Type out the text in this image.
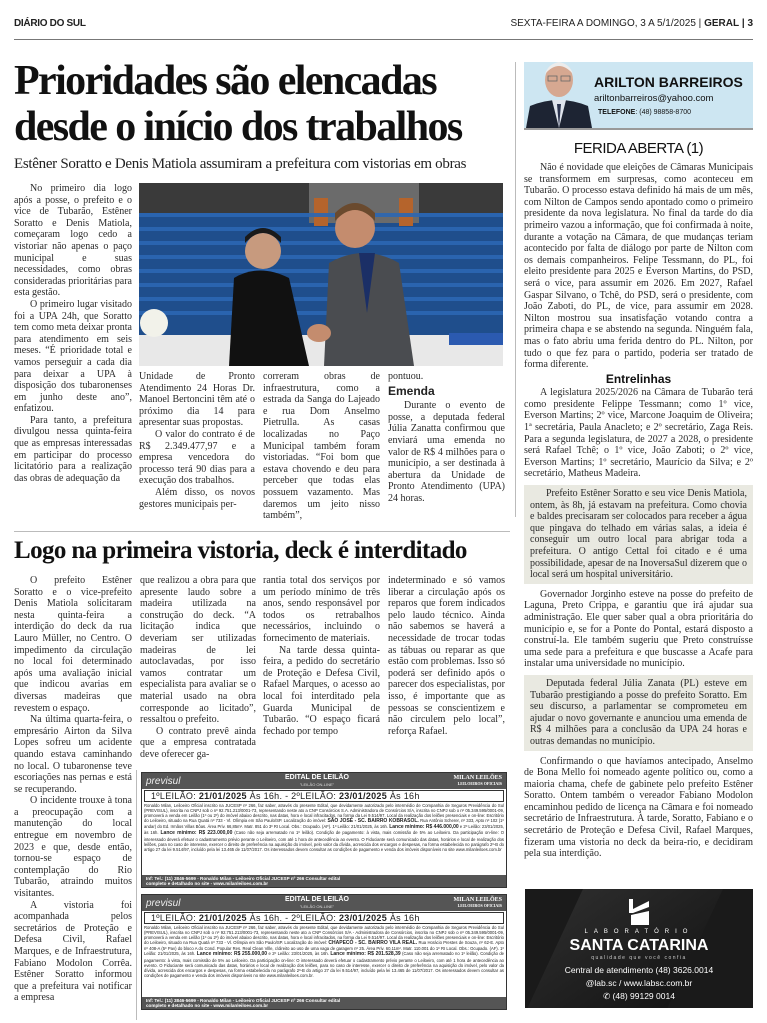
DIÁRIO DO SUL	SEXTA-FEIRA A DOMINGO, 3 A 5/1/2025 | GERAL | 3
Prioridades são elencadas
desde o início dos trabalhos
Estêner Soratto e Denis Matiola assumiram a prefeitura com vistorias em obras

No primeiro dia logo após a posse, o prefeito e o vice de Tubarão, Estêner Soratto e Denis Matiola, começaram logo cedo a vistoriar não apenas o paço municipal e suas necessidades, como obras consideradas prioritárias para esta gestão.

O primeiro lugar visitado foi a UPA 24h, que Soratto tem como meta deixar pronta para atendimento em seis meses. “É prioridade total e vamos perseguir a cada dia para deixar a UPA à disposição dos tubaronenses em junho deste ano”, enfatizou.

Para tanto, a prefeitura divulgou nessa quinta-feira que as empresas interessadas em participar do processo licitatório para a realização das obras de adequação da

Unidade de Pronto Atendimento 24 Horas Dr. Manoel Bertoncini têm até o próximo dia 14 para apresentar suas propostas.

O valor do contrato é de R$ 2.349.477,97 e a empresa vencedora do processo terá 90 dias para a execução dos trabalhos.

Além disso, os novos gestores municipais per-

correram obras de infraestrutura, como a estrada da Sanga do Lajeado e rua Dom Anselmo Pietrulla. As casas localizadas no Paço Municipal também foram vistoriadas. “Foi bom que estava chovendo e deu para perceber que todas elas possuem vazamento. Mas daremos um jeito nisso também”,

pontuou.

Emenda

Durante o evento de posse, a deputada federal Júlia Zanatta confirmou que enviará uma emenda no valor de R$ 4 milhões para o município, a ser destinada à abertura da Unidade de Pronto Atendimento (UPA) 24 horas.

Logo na primeira vistoria, deck é interditado

O prefeito Estêner Soratto e o vice-prefeito Denis Matiola solicitaram nesta quinta-feira a interdição do deck da rua Lauro Müller, no Centro. O impedimento da circulação no local foi determinado após uma avaliação inicial que indicou avarias em diversas madeiras que revestem o espaço.

Na última quarta-feira, o empresário Airton da Silva Lopes sofreu um acidente quando estava caminhando no local. O tubaronense teve escoriações nas pernas e está se recuperando.

O incidente trouxe à tona a preocupação com a manutenção do local entregue em novembro de 2023 e que, desde então, tornou-se espaço de contemplação do Rio Tubarão, atraindo muitos visitantes.

A vistoria foi acompanhada pelos secretários de Proteção e Defesa Civil, Rafael Marques, e de Infraestrutura, Fabiano Modolon Corrêa. Estêner Soratto informou que a prefeitura vai notificar a empresa

que realizou a obra para que apresente laudo sobre a madeira utilizada na construção do deck. “A licitação indica que deveriam ser utilizadas madeiras de lei autoclavadas, por isso vamos contratar um especialista para avaliar se o material usado na obra corresponde ao licitado”, ressaltou o prefeito.

O contrato prevê ainda que a empresa contratada deve oferecer ga-

rantia total dos serviços por um período mínimo de três anos, sendo responsável por todos os retrabalhos necessários, incluindo o fornecimento de materiais.

Na tarde dessa quinta-feira, a pedido do secretário de Proteção e Defesa Civil, Rafael Marques, o acesso ao local foi interditado pela Guarda Municipal de Tubarão. “O espaço ficará fechado por tempo

indeterminado e só vamos liberar a circulação após os reparos que forem indicados pelo laudo técnico. Ainda não sabemos se haverá a necessidade de trocar todas as tábuas ou reparar as que estão com problemas. Isso só poderá ser definido após o parecer dos especialistas, por isso, é importante que as pessoas se conscientizem e não circulem pelo local”, reforça Rafael.

previsul	EDITAL DE LEILÃO
"LEILÃO ON-LINE"
MILAN LEILÕES
LEILOEIROS OFICIAIS
1ºLEILÃO: 21/01/2025 Às 16h. - 2ºLEILÃO: 23/01/2025 Às 16h
Ronaldo Milan, Leiloeiro Oficial inscrito na JUCESP nº 266, faz saber, através do presente Edital, que devidamente autorizado pelo intermédio de Companhia de Seguros Previdência do Sul (PREVISUL), inscrita no CNPJ sob o nº 92.751.213/0001-73, representando neste ato a CNP Consórcios S.A. Administradora de Consórcios S/A, inscrita no CNPJ sob o nº 05.349.595/0001-09, promoverá a venda em Leilão (1º ou 2º) do imóvel abaixo descrito, nas datas, hora e local infracitados, na forma da Lei 9.514/97. Local da realização dos leilões presenciais e on-line: Escritório do Leiloeiro, situado na Rua Quatá nº 733 - Vl. Olímpia em São Paulo/SP. Localização do imóvel: SÃO JOSÉ - SC. BAIRRO KOBRASOL. Rua Antônio Scherer, nº 333, Apto nº 102 (1º andar) do Ed. Irmãos Villas Bôas. Área Priv. 66,85m². Matr. 851 do 3º RI Local. Obs.: Ocupado. (AF). 1º Leilão: 21/01/2025, às 16h. Lance mínimo: R$ 446.000,00 e 2º Leilão: 23/01/2025, às 16h. Lance mínimo: R$ 223.000,00 (Caso não seja arrematado no 1º leilão). Condição de pagamento: à vista, mais comissão de 5% ao Leiloeiro. Da participação on-line: O interessado deverá efetuar o cadastramento prévio perante o Leiloeiro, com até 1 hora de antecedência ao evento. O Fiduciante será comunicado das datas, horários e local de realização dos leilões, para no caso de interesse, exercer o direito de preferência na aquisição do imóvel, pelo valor da dívida, acrescida dos encargos e despesas, na forma estabelecida no parágrafo 2º-B do artigo 27 da lei 9.514/97, incluído pela lei 13.465 de 11/07/2017. Os interessados devem consultar as condições de pagamento e venda dos imóveis disponíveis no site www.milanleiloes.com.br
Inf: Tel.: (11) 3846-5699 - Ronaldo Milan - Leiloeiro Oficial JUCESP nº 266 Consultar edital
completo e detalhado no site - www.milanleiloes.com.br
previsul	EDITAL DE LEILÃO
"LEILÃO ON-LINE"
MILAN LEILÕES
LEILOEIROS OFICIAIS
1ºLEILÃO: 21/01/2025 Às 16h. - 2ºLEILÃO: 23/01/2025 Às 16h
Ronaldo Milan, Leiloeiro Oficial inscrito na JUCESP nº 266, faz saber, através do presente Edital, que devidamente autorizado pelo intermédio de Companhia de Seguros Previdência do Sul (PREVISUL), inscrita no CNPJ sob o nº 92.751.213/0001-73, representando neste ato a CNP Consórcios S/A - Administradora de Consórcios, inscrita no CNPJ sob o nº 05.349.595/0001-09, promoverá a venda em Leilão (1º ou 2º) do imóvel abaixo descrito, nas datas, hora e local infracitados, na forma da Lei 9.514/97. Local da realização dos leilões presenciais e on-line: Escritório do Leiloeiro, situado na Rua Quatá nº 733 - Vl. Olímpia em São Paulo/SP. Localização do imóvel: CHAPECÓ - SC. BAIRRO VILA REAL. Rua Horácio Prestes de Souza, nº 62-E. Apto nº 408-A (5º Pav) do bloco A do Cond. Popular Res. Real Clean Ville, c/direito ao uso de uma vaga de garagem nº 25. Área Priv. 60,11m². Matr. 110.001 do 1º RI Local. Obs.: Ocupado. (AF). 1º Leilão: 21/01/2025, às 16h. Lance mínimo: R$ 255.000,00 e 2º Leilão: 23/01/2025, às 16h. Lance mínimo: R$ 201.528,39 (Caso não seja arrematado no 1º leilão). Condição de pagamento: à vista, mais comissão de 5% ao Leiloeiro. Da participação on-line: O interessado deverá efetuar o cadastramento prévio perante o Leiloeiro, com até 1 hora de antecedência ao evento. O Fiduciante será comunicado das datas, horários e local de realização dos leilões, para no caso de interesse, exercer o direito de preferência na aquisição do imóvel, pelo valor da dívida, acrescida dos encargos e despesas, na forma estabelecida no parágrafo 2º-B do artigo 27 da lei 9.514/97, incluído pela lei 13.465 de 11/07/2017. Os interessados devem consultar as condições de pagamento e venda dos imóveis disponíveis no site www.milanleiloes.com.br.
Inf: Tel.: (11) 3846-5699 - Ronaldo Milan - Leiloeiro Oficial JUCESP nº 266 Consultar edital
completo e detalhado no site - www.milanleiloes.com.br
ARILTON BARREIROS
ariltonbarreiros@yahoo.com
TELEFONE: (48) 98858-8700
FERIDA ABERTA (1)

Não é novidade que eleições de Câmaras Municipais se transformem em surpresas, como aconteceu em Tubarão. O processo estava definido há mais de um mês, com Nilton de Campos sendo apontado como o primeiro presidente da nova legislatura. No final da tarde do dia primeiro vazou a informação, que foi confirmada à noite, durante a votação na Câmara, de que mudanças teriam acontecido por falta de diálogo por parte de Nilton com os demais companheiros. Felipe Tessmann, do PL, foi eleito presidente para 2025 e Everson Martins, do PSD, será o vice, para assumir em 2026. Em 2027, Rafael Gaspar Silvano, o Tchê, do PSD, será o presidente, com João Zaboti, do PL, de vice, para assumir em 2028. Nilton mostrou sua insatisfação votando contra a primeira chapa e se abstendo na segunda. Ninguém fala, mas o fato abriu uma ferida dentro do PL. Nilton, por tudo o que fez para o partido, poderia ser tratado de forma diferente.

Entrelinhas

A legislatura 2025/2026 na Câmara de Tubarão terá como presidente Felippe Tessmann; como 1º vice, Everson Martins; 2º vice, Marcone Joaquim de Oliveira; 1ª secretária, Paula Anacleto; e 2º secretário, Zaga Reis. Para a segunda legislatura, de 2027 a 2028, o presidente será Rafael Tchê; o 1º vice, João Zaboti; o 2º vice, Everson Martins; 1º secretário, Maurício da Silva; e 2º secretário, Matheus Madeira.

Prefeito Estêner Soratto e seu vice Denis Matiola, ontem, às 8h, já estavam na prefeitura. Como chovia e baldes precisaram ser colocados para receber a água que pingava do telhado em várias salas, a ideia é conseguir um outro local para abrigar toda a prefeitura. O antigo Cettal foi citado e é uma possibilidade, apesar de na InoversaSul dizerem que o local será um hospital universitário.

Governador Jorginho esteve na posse do prefeito de Laguna, Preto Crippa, e garantiu que irá ajudar sua administração. Ele quer saber qual a obra prioritária do município e, se for a Ponte do Pontal, estará disposto a construí-la. Ele também sugeriu que Preto construísse uma sede para a prefeitura e que buscasse a Acafe para instalar uma universidade no município.

Deputada federal Júlia Zanata (PL) esteve em Tubarão prestigiando a posse do prefeito Soratto. Em seu discurso, a parlamentar se comprometeu em ajudar o novo governante e anunciou uma emenda de R$ 4 milhões para a conclusão da UPA 24 horas e outras demandas no município.

Confirmando o que havíamos antecipado, Anselmo de Bona Mello foi nomeado agente político ou, como a maioria chama, chefe de gabinete pelo prefeito Estêner Soratto. Ontem também o vereador Fabiano Modolon encaminhou pedido de licença na Câmara e foi nomeado secretário de Infraestrutura. À tarde, Soratto, Fabiano e o secretário de Proteção e Defesa Civil, Rafael Marques, fizeram uma vistoria no deck da beira-rio, e decidiram pela sua interdição.

LABORATÓRIO
SANTA CATARINA
qualidade que você confia
Central de atendimento (48) 3626.0014
@lab.sc / www.labsc.com.br
✆ (48) 99129 0014
